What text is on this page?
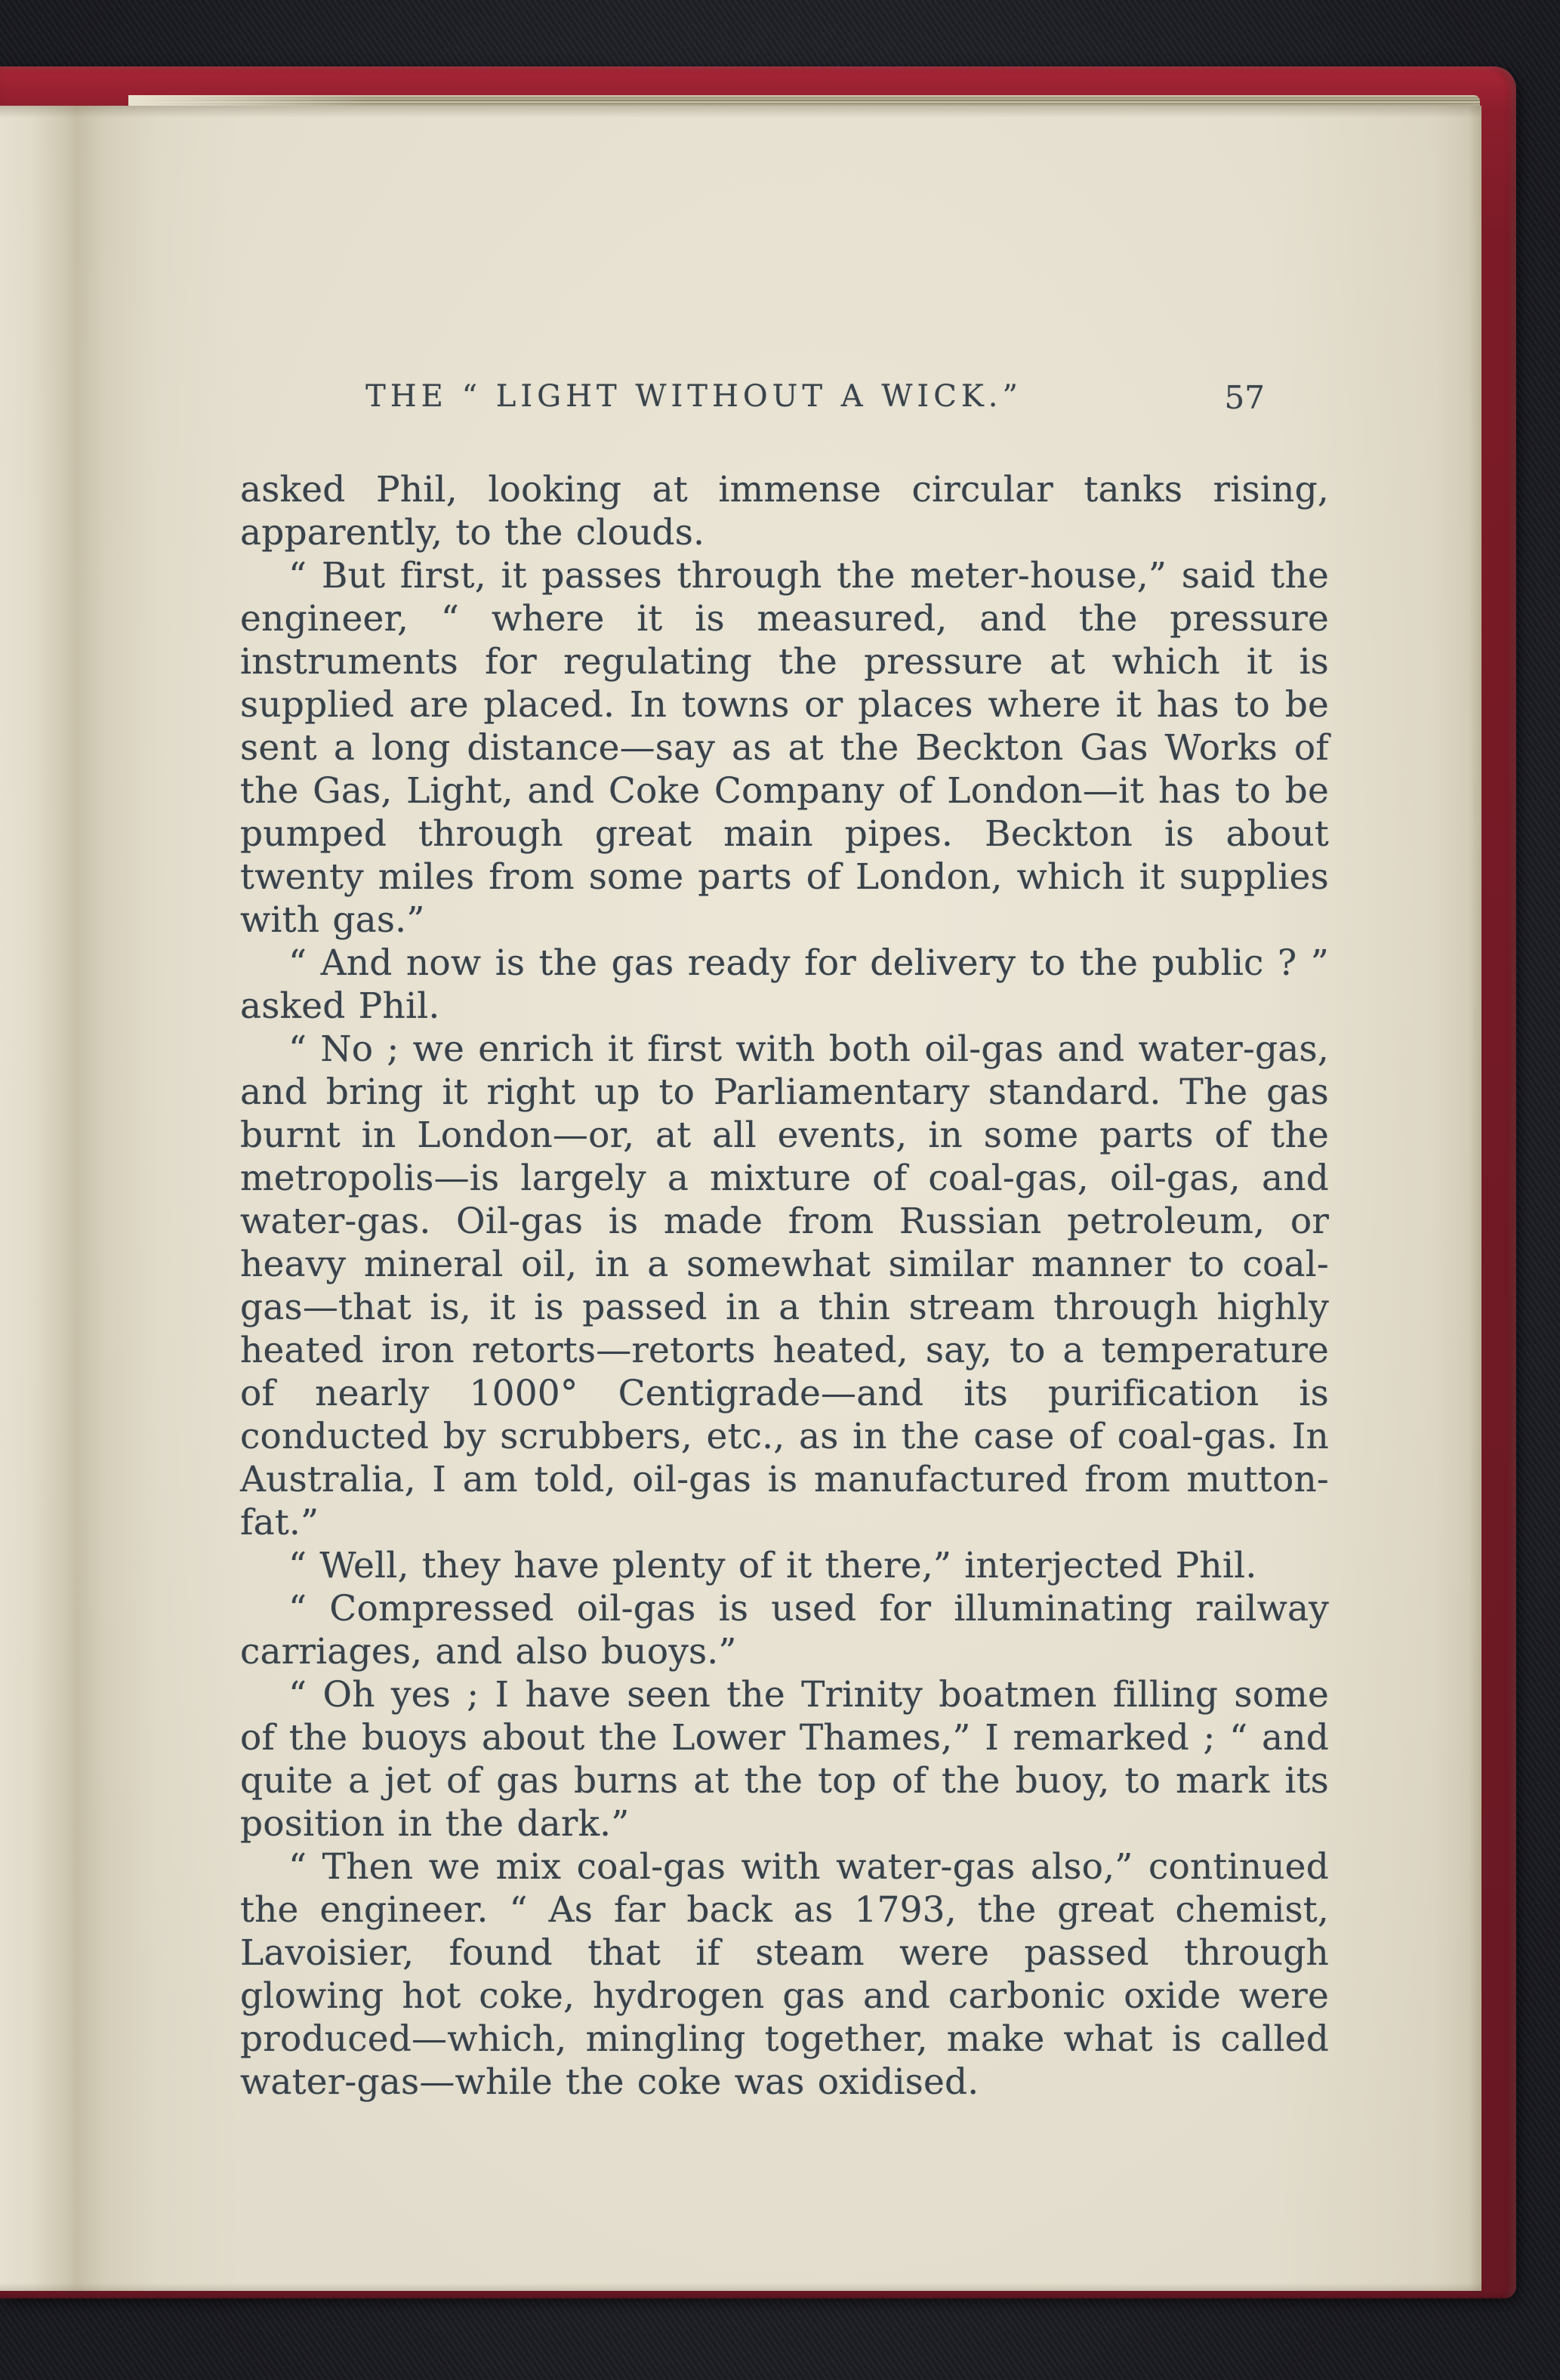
THE “ LIGHT WITHOUT A WICK.”	57

asked Phil, looking at immense circular tanks rising, apparently, to the clouds.

“ But first, it passes through the meter-house,” said the engineer, “ where it is measured, and the pressure instruments for regulating the pressure at which it is supplied are placed. In towns or places where it has to be sent a long distance—say as at the Beckton Gas Works of the Gas, Light, and Coke Company of London—it has to be pumped through great main pipes. Beckton is about twenty miles from some parts of London, which it supplies with gas.”

“ And now is the gas ready for delivery to the public ? ” asked Phil.

“ No ; we enrich it first with both oil-gas and water-gas, and bring it right up to Parliamentary standard. The gas burnt in London—or, at all events, in some parts of the metropolis—is largely a mixture of coal-gas, oil-gas, and water-gas. Oil-gas is made from Russian petroleum, or heavy mineral oil, in a somewhat similar manner to coal-gas—that is, it is passed in a thin stream through highly heated iron retorts—retorts heated, say, to a temperature of nearly 1000° Centigrade—and its purification is conducted by scrubbers, etc., as in the case of coal-gas. In Australia, I am told, oil-gas is manufactured from mutton-fat.”

“ Well, they have plenty of it there,” interjected Phil.

“ Compressed oil-gas is used for illuminating railway carriages, and also buoys.”

“ Oh yes ; I have seen the Trinity boatmen filling some of the buoys about the Lower Thames,” I remarked ; “ and quite a jet of gas burns at the top of the buoy, to mark its position in the dark.”

“ Then we mix coal-gas with water-gas also,” continued the engineer. “ As far back as 1793, the great chemist, Lavoisier, found that if steam were passed through glowing hot coke, hydrogen gas and carbonic oxide were produced—which, mingling together, make what is called water-gas—while the coke was oxidised.
